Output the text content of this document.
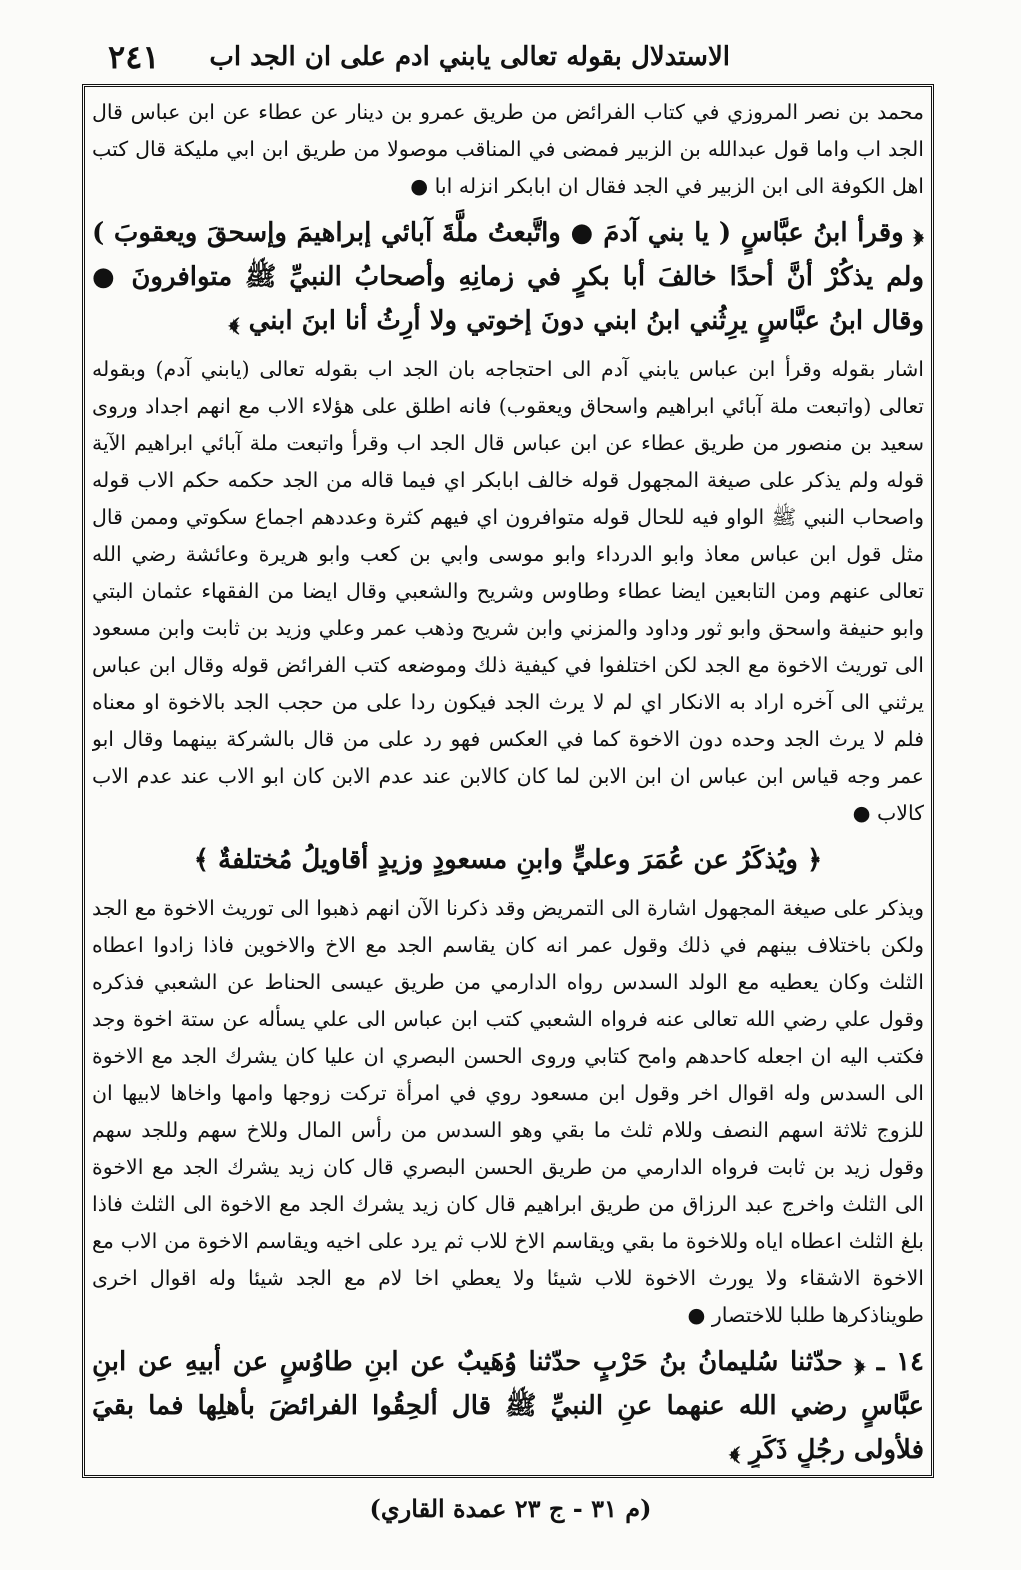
٢٤١ الاستدلال بقوله تعالى يابني ادم على ان الجد اب

محمد بن نصر المروزي في كتاب الفرائض من طريق عمرو بن دينار عن عطاء عن ابن عباس قال الجد اب واما قول عبدالله بن الزبير فمضى في المناقب موصولا من طريق ابن ابي مليكة قال كتب اهل الكوفة الى ابن الزبير في الجد فقال ان ابابكر انزله ابا ●

﴿ وقرأ ابنُ عبَّاسٍ ( يا بني آدمَ ● واتَّبعتُ ملَّةَ آبائي إبراهيمَ وإسحقَ ويعقوبَ ) ولم يذكُرْ أنَّ أحدًا خالفَ أبا بكرٍ في زمانِهِ وأصحابُ النبيِّ ﷺ متوافرونَ ● وقال ابنُ عبَّاسٍ يرِثُني ابنُ ابني دونَ إخوتي ولا أرِثُ أنا ابنَ ابني ﴾

اشار بقوله وقرأ ابن عباس يابني آدم الى احتجاجه بان الجد اب بقوله تعالى (يابني آدم) وبقوله تعالى (واتبعت ملة آبائي ابراهيم واسحاق ويعقوب) فانه اطلق على هؤلاء الاب مع انهم اجداد وروى سعيد بن منصور من طريق عطاء عن ابن عباس قال الجد اب وقرأ واتبعت ملة آبائي ابراهيم الآية قوله ولم يذكر على صيغة المجهول قوله خالف ابابكر اي فيما قاله من الجد حكمه حكم الاب قوله واصحاب النبي ﷺ الواو فيه للحال قوله متوافرون اي فيهم كثرة وعددهم اجماع سكوتي وممن قال مثل قول ابن عباس معاذ وابو الدرداء وابو موسى وابي بن كعب وابو هريرة وعائشة رضي الله تعالى عنهم ومن التابعين ايضا عطاء وطاوس وشريح والشعبي وقال ايضا من الفقهاء عثمان البتي وابو حنيفة واسحق وابو ثور وداود والمزني وابن شريح وذهب عمر وعلي وزيد بن ثابت وابن مسعود الى توريث الاخوة مع الجد لكن اختلفوا في كيفية ذلك وموضعه كتب الفرائض قوله وقال ابن عباس يرثني الى آخره اراد به الانكار اي لم لا يرث الجد فيكون ردا على من حجب الجد بالاخوة او معناه فلم لا يرث الجد وحده دون الاخوة كما في العكس فهو رد على من قال بالشركة بينهما وقال ابو عمر وجه قياس ابن عباس ان ابن الابن لما كان كالابن عند عدم الابن كان ابو الاب عند عدم الاب كالاب ●

﴿ ويُذكَرُ عن عُمَرَ وعليٍّ وابنِ مسعودٍ وزيدٍ أقاويلُ مُختلفةٌ ﴾

ويذكر على صيغة المجهول اشارة الى التمريض وقد ذكرنا الآن انهم ذهبوا الى توريث الاخوة مع الجد ولكن باختلاف بينهم في ذلك وقول عمر انه كان يقاسم الجد مع الاخ والاخوين فاذا زادوا اعطاه الثلث وكان يعطيه مع الولد السدس رواه الدارمي من طريق عيسى الحناط عن الشعبي فذكره وقول علي رضي الله تعالى عنه فرواه الشعبي كتب ابن عباس الى علي يسأله عن ستة اخوة وجد فكتب اليه ان اجعله كاحدهم وامح كتابي وروى الحسن البصري ان عليا كان يشرك الجد مع الاخوة الى السدس وله اقوال اخر وقول ابن مسعود روي في امرأة تركت زوجها وامها واخاها لابيها ان للزوج ثلاثة اسهم النصف وللام ثلث ما بقي وهو السدس من رأس المال وللاخ سهم وللجد سهم وقول زيد بن ثابت فرواه الدارمي من طريق الحسن البصري قال كان زيد يشرك الجد مع الاخوة الى الثلث واخرج عبد الرزاق من طريق ابراهيم قال كان زيد يشرك الجد مع الاخوة الى الثلث فاذا بلغ الثلث اعطاه اياه وللاخوة ما بقي ويقاسم الاخ للاب ثم يرد على اخيه ويقاسم الاخوة من الاب مع الاخوة الاشقاء ولا يورث الاخوة للاب شيئا ولا يعطي اخا لام مع الجد شيئا وله اقوال اخرى طويناذكرها طلبا للاختصار ●

١٤ ـ ﴿ حدّثنا سُليمانُ بنُ حَرْبٍ حدّثنا وُهَيبٌ عن ابنِ طاوُسٍ عن أبيهِ عن ابنِ عبَّاسٍ رضي الله عنهما عنِ النبيِّ ﷺ قال ألحِقُوا الفرائضَ بأهلِها فما بقيَ فلأولى رجُلٍ ذَكَرٍ ﴾

(م ٣١ - ج ٢٣ عمدة القاري)
